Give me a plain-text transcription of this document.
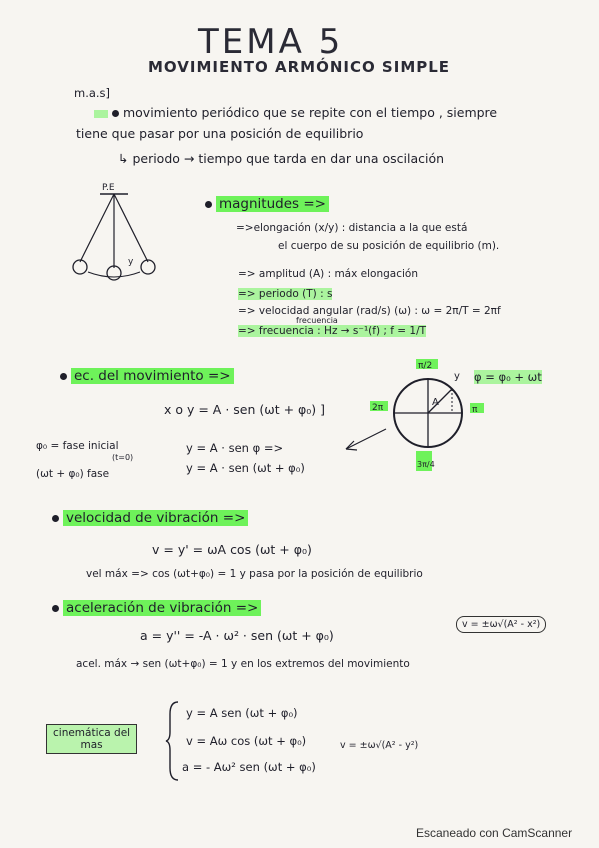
TEMA 5
MOVIMIENTO ARMÓNICO SIMPLE
m.a.s]
movimiento periódico que se repite con el tiempo , siempre
tiene que pasar por una posición de equilibrio
↳ periodo → tiempo que tarda en dar una oscilación
P.E
y
magnitudes =>
=>elongación (x/y) : distancia a la que está
el cuerpo de su posición de equilibrio (m).
=> amplitud (A) : máx elongación
=> periodo (T) : s
=> velocidad angular (rad/s) (ω) : ω = 2π/T = 2πf
frecuencia
=> frecuencia : Hz → s⁻¹(f) ; f = 1/T
ec. del movimiento =>
x o y = A · sen (ωt + φ₀) ]
φ₀ = fase inicial
(t=0)
(ωt + φ₀) fase
y = A · sen φ =>
y = A · sen (ωt + φ₀)
φ = φ₀ + ωt
π/2
2π	π
A
y
3π/4
velocidad de vibración =>
v = y' = ωA cos (ωt + φ₀)
vel máx => cos (ωt+φ₀) = 1 y pasa por la posición de equilibrio
aceleración de vibración =>
a = y'' = -A · ω² · sen (ωt + φ₀)
v = ±ω√(A² - x²)
acel. máx → sen (ωt+φ₀) = 1 y en los extremos del movimiento
cinemática del
mas
y = A sen (ωt + φ₀)
v = Aω cos (ωt + φ₀)
a = - Aω² sen (ωt + φ₀)
v = ±ω√(A² - y²)
Escaneado con CamScanner
